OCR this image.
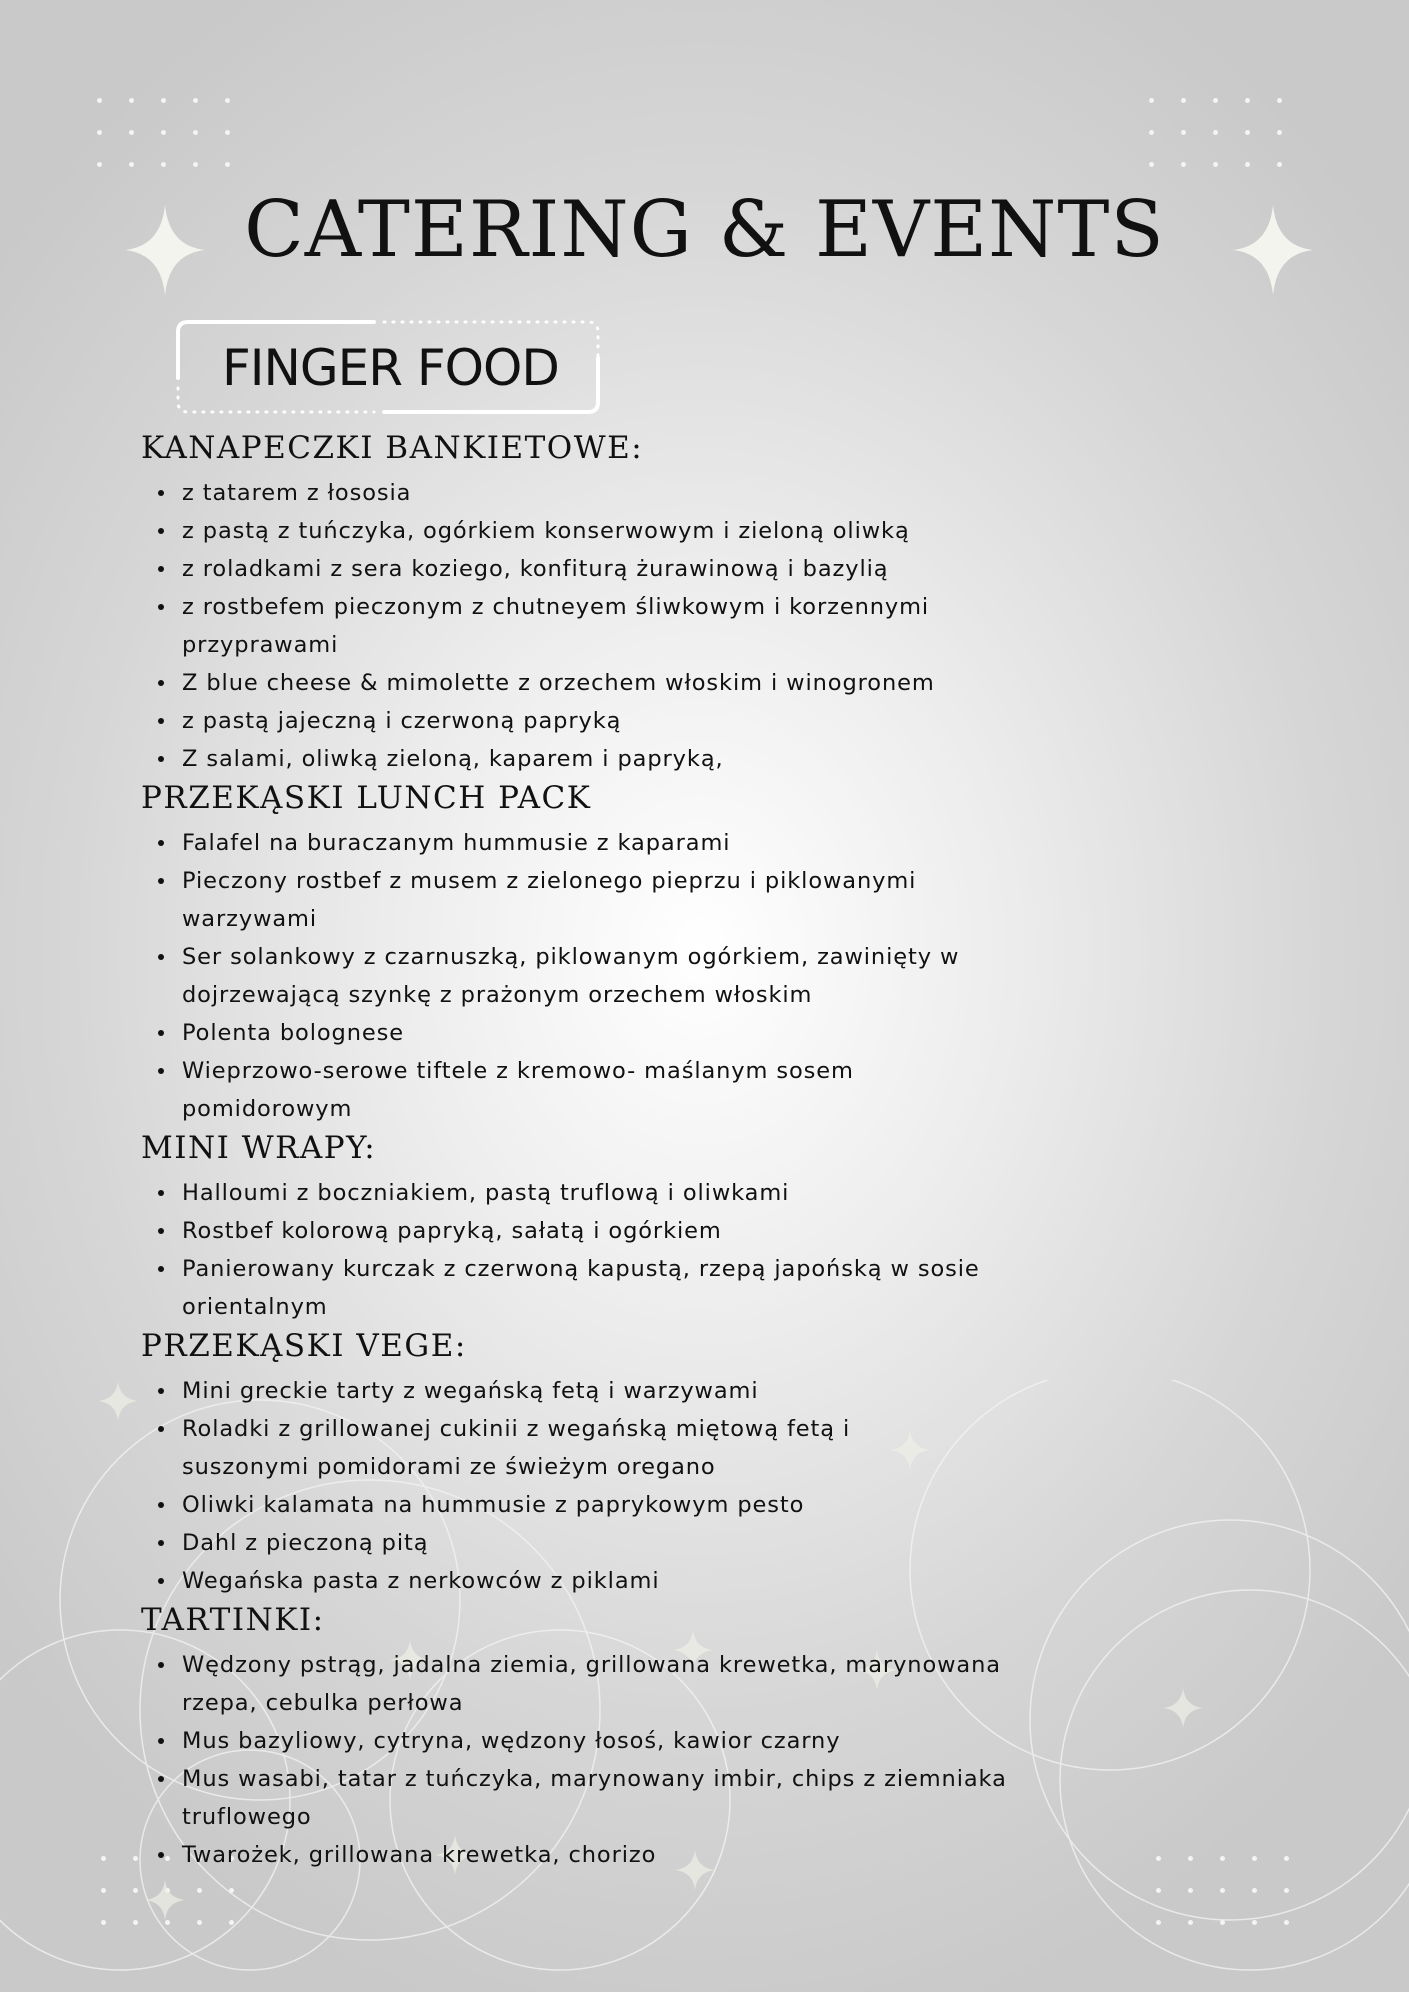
CATERING & EVENTS
FINGER FOOD
KANAPECZKI BANKIETOWE:
z tatarem z łososia
z pastą z tuńczyka, ogórkiem konserwowym i zieloną oliwką
z roladkami z sera koziego, konfiturą żurawinową i bazylią
z rostbefem pieczonym z chutneyem śliwkowym i korzennymi
przyprawami
Z blue cheese & mimolette z orzechem włoskim i winogronem
z pastą jajeczną i czerwoną papryką
Z salami, oliwką zieloną, kaparem i papryką,
PRZEKĄSKI LUNCH PACK
Falafel na buraczanym hummusie z kaparami
Pieczony rostbef z musem z zielonego pieprzu i piklowanymi
warzywami
Ser solankowy z czarnuszką, piklowanym ogórkiem, zawinięty w
dojrzewającą szynkę z prażonym orzechem włoskim
Polenta bolognese
Wieprzowo-serowe tiftele z kremowo- maślanym sosem
pomidorowym
MINI WRAPY:
Halloumi z boczniakiem, pastą truflową i oliwkami
Rostbef kolorową papryką, sałatą i ogórkiem
Panierowany kurczak z czerwoną kapustą, rzepą japońską w sosie
orientalnym
PRZEKĄSKI VEGE:
Mini greckie tarty z wegańską fetą i warzywami
Roladki z grillowanej cukinii z wegańską miętową fetą i
suszonymi pomidorami ze świeżym oregano
Oliwki kalamata na hummusie z paprykowym pesto
Dahl z pieczoną pitą
Wegańska pasta z nerkowców z piklami
TARTINKI:
Wędzony pstrąg, jadalna ziemia, grillowana krewetka, marynowana
rzepa, cebulka perłowa
Mus bazyliowy, cytryna, wędzony łosoś, kawior czarny
Mus wasabi, tatar z tuńczyka, marynowany imbir, chips z ziemniaka
truflowego
Twarożek, grillowana krewetka, chorizo
